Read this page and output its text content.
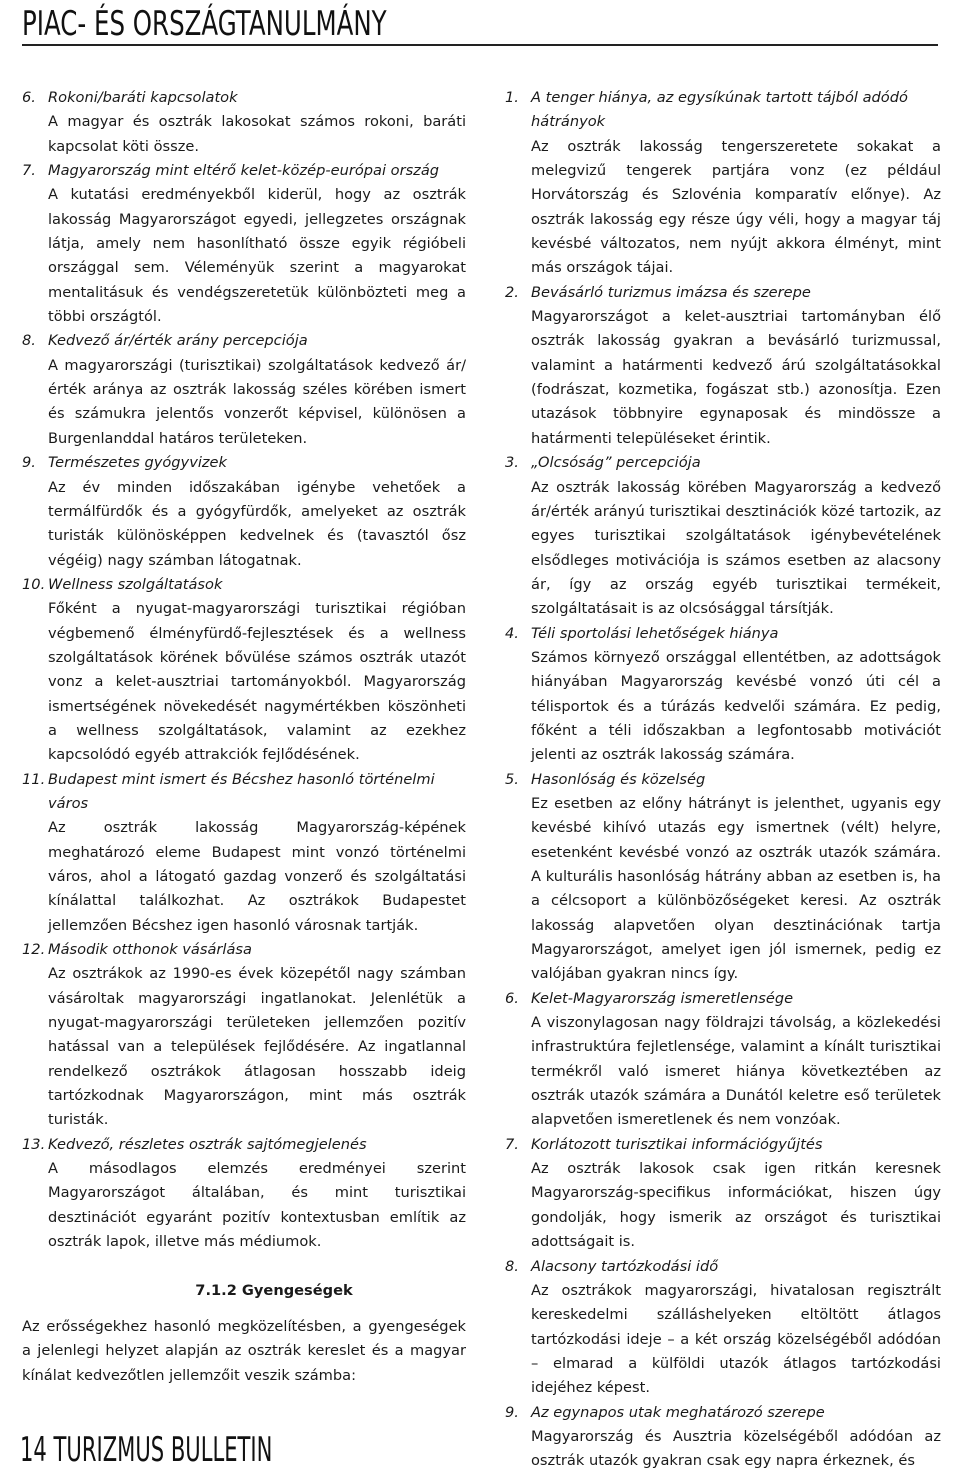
PIAC- ÉS ORSZÁGTANULMÁNY
6. Rokoni/baráti kapcsolatok
A magyar és osztrák lakosokat számos rokoni, baráti kapcsolat köti össze.
7. Magyarország mint eltérő kelet-közép-európai ország
A kutatási eredményekből kiderül, hogy az osztrák lakosság Magyarországot egyedi, jellegzetes országnak látja, amely nem hasonlítható össze egyik régióbeli országgal sem. Véleményük szerint a magyarokat mentalitásuk és vendégszeretetük különbözteti meg a többi országtól.
8. Kedvező ár/érték arány percepciója
A magyarországi (turisztikai) szolgáltatások kedvező ár/érték aránya az osztrák lakosság széles körében ismert és számukra jelentős vonzerőt képvisel, különösen a Burgenlanddal határos területeken.
9. Természetes gyógyvizek
Az év minden időszakában igénybe vehetőek a termálfürdők és a gyógyfürdők, amelyeket az osztrák turisták különösképpen kedvelnek és (tavasztól ősz végéig) nagy számban látogatnak.
10. Wellness szolgáltatások
Főként a nyugat-magyarországi turisztikai régióban végbemenő élményfürdő-fejlesztések és a wellness szolgáltatások körének bővülése számos osztrák utazót vonz a kelet-ausztriai tartományokból. Magyarország ismertségének növekedését nagymértékben köszönheti a wellness szolgáltatások, valamint az ezekhez kapcsolódó egyéb attrakciók fejlődésének.
11. Budapest mint ismert és Bécshez hasonló történelmi város
Az osztrák lakosság Magyarország-képének meghatározó eleme Budapest mint vonzó történelmi város, ahol a látogató gazdag vonzerő és szolgáltatási kínálattal találkozhat. Az osztrákok Budapestet jellemzően Bécshez igen hasonló városnak tartják.
12. Második otthonok vásárlása
Az osztrákok az 1990-es évek közepétől nagy számban vásároltak magyarországi ingatlanokat. Jelenlétük a nyugat-magyarországi területeken jellemzően pozitív hatással van a települések fejlődésére. Az ingatlannal rendelkező osztrákok átlagosan hosszabb ideig tartózkodnak Magyarországon, mint más osztrák turisták.
13. Kedvező, részletes osztrák sajtómegjelenés
A másodlagos elemzés eredményei szerint Magyarországot általában, és mint turisztikai desztinációt egyaránt pozitív kontextusban említik az osztrák lapok, illetve más médiumok.
7.1.2 Gyengeségek

Az erősségekhez hasonló megközelítésben, a gyengeségek a jelenlegi helyzet alapján az osztrák kereslet és a magyar kínálat kedvezőtlen jellemzőit veszik számba:

1. A tenger hiánya, az egysíkúnak tartott tájból adódó hátrányok
Az osztrák lakosság tengerszeretete sokakat a melegvizű tengerek partjára vonz (ez például Horvátország és Szlovénia komparatív előnye). Az osztrák lakosság egy része úgy véli, hogy a magyar táj kevésbé változatos, nem nyújt akkora élményt, mint más országok tájai.
2. Bevásárló turizmus imázsa és szerepe
Magyarországot a kelet-ausztriai tartományban élő osztrák lakosság gyakran a bevásárló turizmussal, valamint a határmenti kedvező árú szolgáltatásokkal (fodrászat, kozmetika, fogászat stb.) azonosítja. Ezen utazások többnyire egynaposak és mindössze a határmenti településeket érintik.
3. „Olcsóság” percepciója
Az osztrák lakosság körében Magyarország a kedvező ár/érték arányú turisztikai desztinációk közé tartozik, az egyes turisztikai szolgáltatások igénybevételének elsődleges motivációja is számos esetben az alacsony ár, így az ország egyéb turisztikai termékeit, szolgáltatásait is az olcsósággal társítják.
4. Téli sportolási lehetőségek hiánya
Számos környező országgal ellentétben, az adottságok hiányában Magyarország kevésbé vonzó úti cél a télisportok és a túrázás kedvelői számára. Ez pedig, főként a téli időszakban a legfontosabb motivációt jelenti az osztrák lakosság számára.
5. Hasonlóság és közelség
Ez esetben az előny hátrányt is jelenthet, ugyanis egy kevésbé kihívó utazás egy ismertnek (vélt) helyre, esetenként kevésbé vonzó az osztrák utazók számára. A kulturális hasonlóság hátrány abban az esetben is, ha a célcsoport a különbözőségeket keresi. Az osztrák lakosság alapvetően olyan desztinációnak tartja Magyarországot, amelyet igen jól ismernek, pedig ez valójában gyakran nincs így.
6. Kelet-Magyarország ismeretlensége
A viszonylagosan nagy földrajzi távolság, a közlekedési infrastruktúra fejletlensége, valamint a kínált turisztikai termékről való ismeret hiánya következtében az osztrák utazók számára a Dunától keletre eső területek alapvetően ismeretlenek és nem vonzóak.
7. Korlátozott turisztikai információgyűjtés
Az osztrák lakosok csak igen ritkán keresnek Magyarország-specifikus információkat, hiszen úgy gondolják, hogy ismerik az országot és turisztikai adottságait is.
8. Alacsony tartózkodási idő
Az osztrákok magyarországi, hivatalosan regisztrált kereskedelmi szálláshelyeken eltöltött átlagos tartózkodási ideje – a két ország közelségéből adódóan – elmarad a külföldi utazók átlagos tartózkodási idejéhez képest.
9. Az egynapos utak meghatározó szerepe
Magyarország és Ausztria közelségéből adódóan az osztrák utazók gyakran csak egy napra érkeznek, és
14 TURIZMUS BULLETIN
